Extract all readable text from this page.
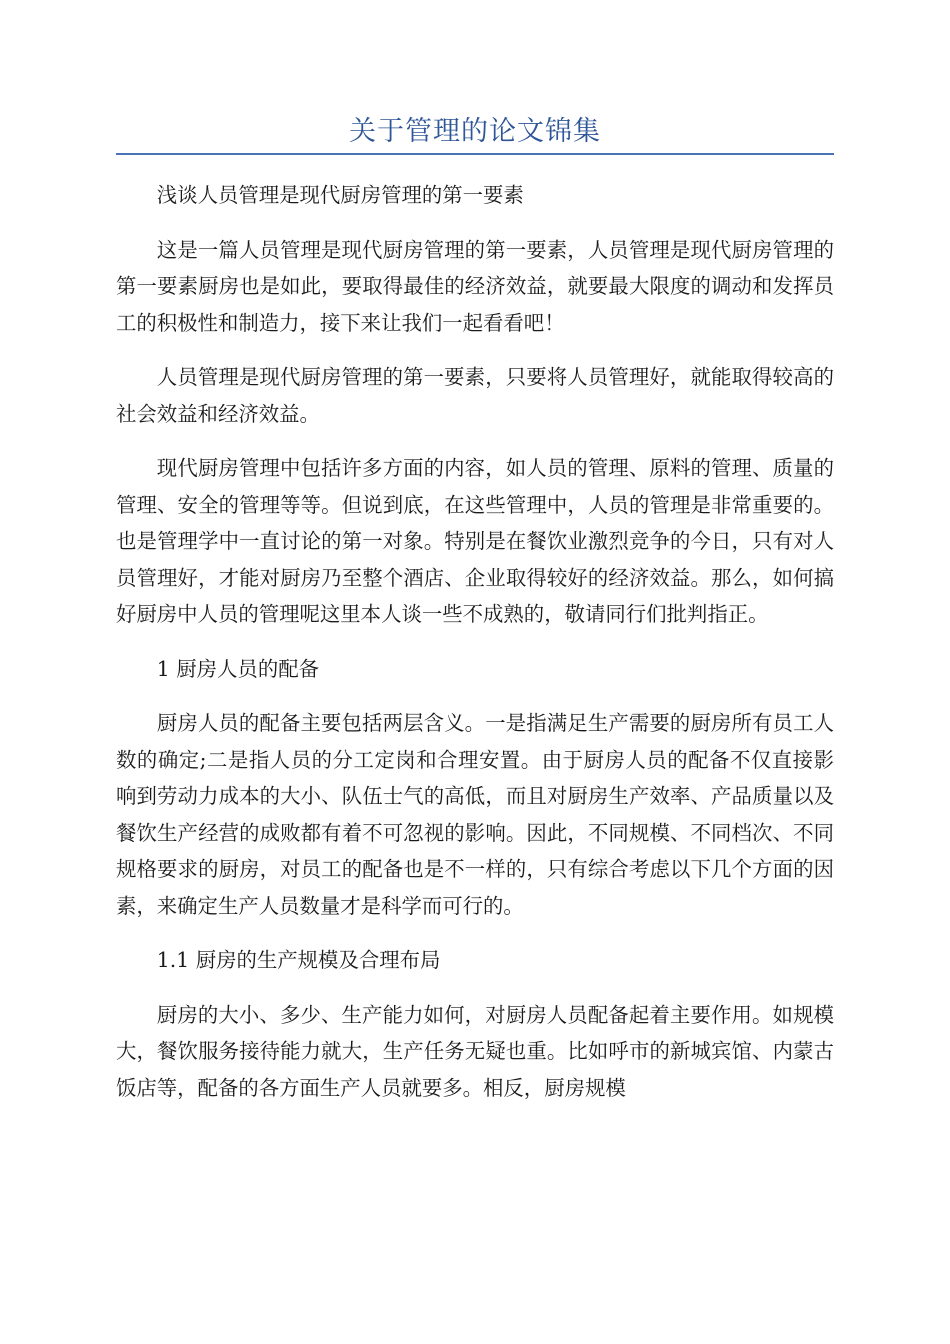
关于管理的论文锦集

浅谈人员管理是现代厨房管理的第一要素

这是一篇人员管理是现代厨房管理的第一要素，人员管理是现代厨房管理的第一要素厨房也是如此，要取得最佳的经济效益，就要最大限度的调动和发挥员工的积极性和制造力，接下来让我们一起看看吧！

人员管理是现代厨房管理的第一要素，只要将人员管理好，就能取得较高的社会效益和经济效益。

现代厨房管理中包括许多方面的内容，如人员的管理、原料的管理、质量的管理、安全的管理等等。但说到底，在这些管理中，人员的管理是非常重要的。也是管理学中一直讨论的第一对象。特别是在餐饮业激烈竞争的今日，只有对人员管理好，才能对厨房乃至整个酒店、企业取得较好的经济效益。那么，如何搞好厨房中人员的管理呢这里本人谈一些不成熟的，敬请同行们批判指正。

1 厨房人员的配备

厨房人员的配备主要包括两层含义。一是指满足生产需要的厨房所有员工人数的确定;二是指人员的分工定岗和合理安置。由于厨房人员的配备不仅直接影响到劳动力成本的大小、队伍士气的高低，而且对厨房生产效率、产品质量以及餐饮生产经营的成败都有着不可忽视的影响。因此，不同规模、不同档次、不同规格要求的厨房，对员工的配备也是不一样的，只有综合考虑以下几个方面的因素，来确定生产人员数量才是科学而可行的。

1.1 厨房的生产规模及合理布局

厨房的大小、多少、生产能力如何，对厨房人员配备起着主要作用。如规模大，餐饮服务接待能力就大，生产任务无疑也重。比如呼市的新城宾馆、内蒙古饭店等，配备的各方面生产人员就要多。相反，厨房规模
